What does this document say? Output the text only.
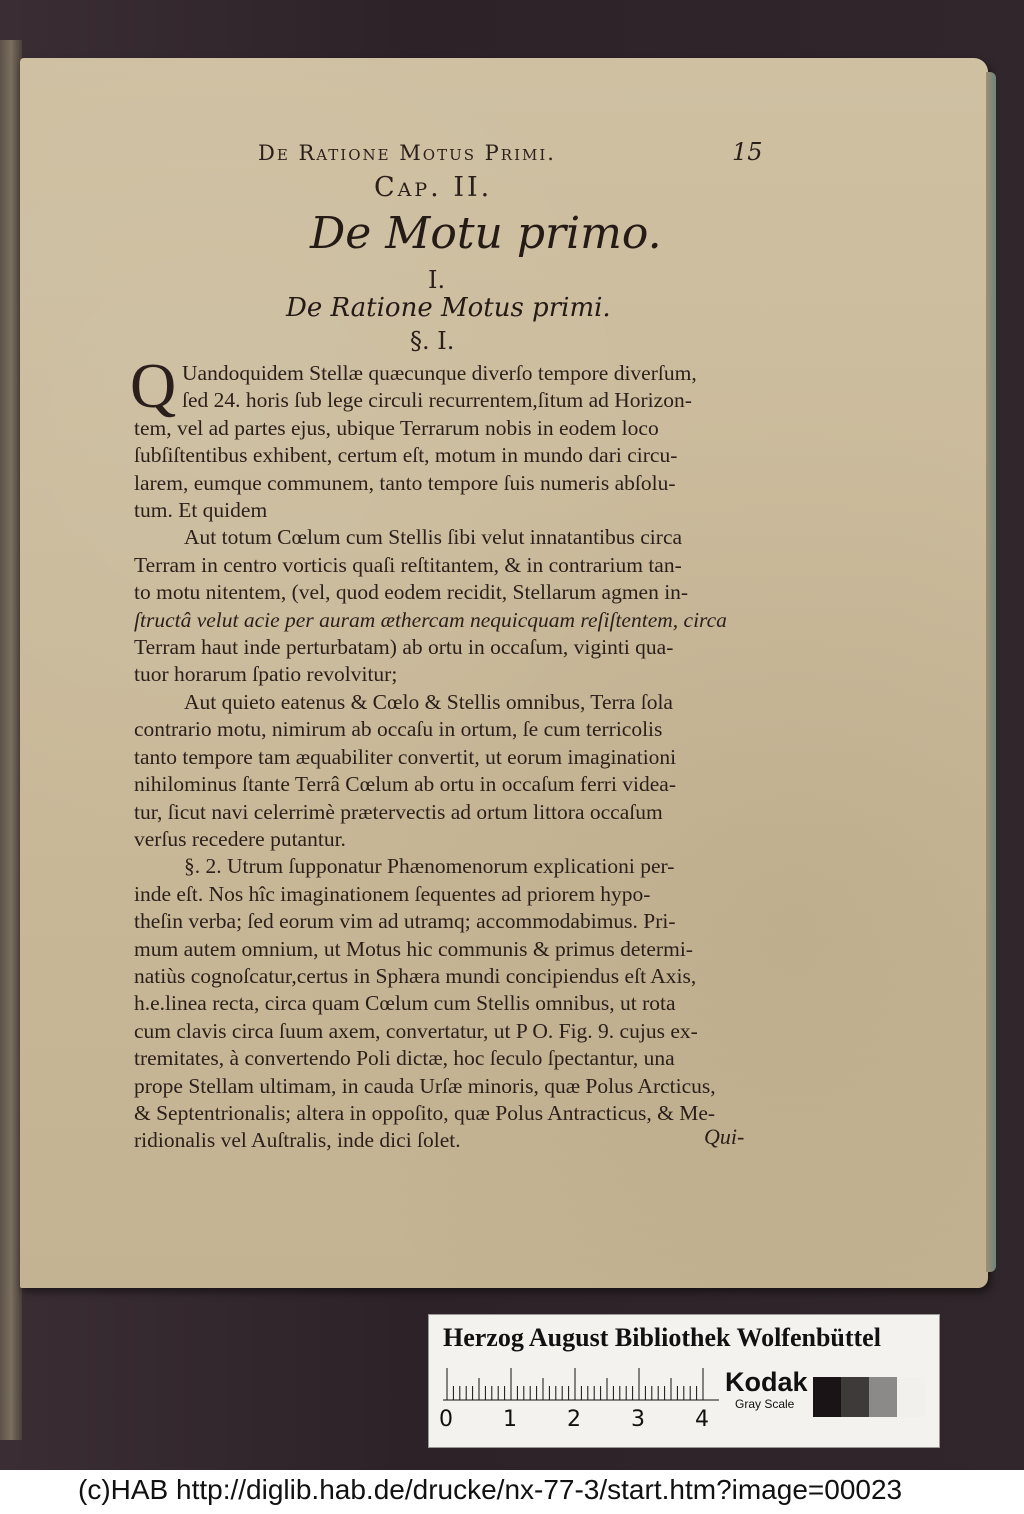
De Ratione Motus Primi.	15
Cap. II.
De Motu primo.
I.
De Ratione Motus primi.
§. I.
Q Uandoquidem Stellæ quæcunque diverſo tempore diverſum,
ſed 24. horis ſub lege circuli recurrentem,ſitum ad Horizon-
tem, vel ad partes ejus, ubique Terrarum nobis in eodem loco
ſubſiſtentibus exhibent, certum eſt, motum in mundo dari circu-
larem, eumque communem, tanto tempore ſuis numeris abſolu-
tum. Et quidem
Aut totum Cœlum cum Stellis ſibi velut innatantibus circa
Terram in centro vorticis quaſi reſtitantem, & in contrarium tan-
to motu nitentem, (vel, quod eodem recidit, Stellarum agmen in-
ſtructâ velut acie per auram æthercam nequicquam reſiſtentem, circa
Terram haut inde perturbatam) ab ortu in occaſum, viginti qua-
tuor horarum ſpatio revolvitur;
Aut quieto eatenus & Cœlo & Stellis omnibus, Terra ſola
contrario motu, nimirum ab occaſu in ortum, ſe cum terricolis
tanto tempore tam æquabiliter convertit, ut eorum imaginationi
nihilominus ſtante Terrâ Cœlum ab ortu in occaſum ferri videa-
tur, ſicut navi celerrimè prætervectis ad ortum littora occaſum
verſus recedere putantur.
§. 2. Utrum ſupponatur Phænomenorum explicationi per-
inde eſt. Nos hîc imaginationem ſequentes ad priorem hypo-
theſin verba; ſed eorum vim ad utramq; accommodabimus. Pri-
mum autem omnium, ut Motus hic communis & primus determi-
natiùs cognoſcatur,certus in Sphæra mundi concipiendus eſt Axis,
h.e.linea recta, circa quam Cœlum cum Stellis omnibus, ut rota
cum clavis circa ſuum axem, convertatur, ut P O. Fig. 9. cujus ex-
tremitates, à convertendo Poli dictæ, hoc ſeculo ſpectantur, una
prope Stellam ultimam, in cauda Urſæ minoris, quæ Polus Arcticus,
& Septentrionalis; altera in oppoſito, quæ Polus Antracticus, & Me-
ridionalis vel Auſtralis, inde dici ſolet.	Qui-
Herzog August Bibliothek Wolfenbüttel
0 1 2 3 4
Kodak
Gray Scale
(c)HAB http://diglib.hab.de/drucke/nx-77-3/start.htm?image=00023
